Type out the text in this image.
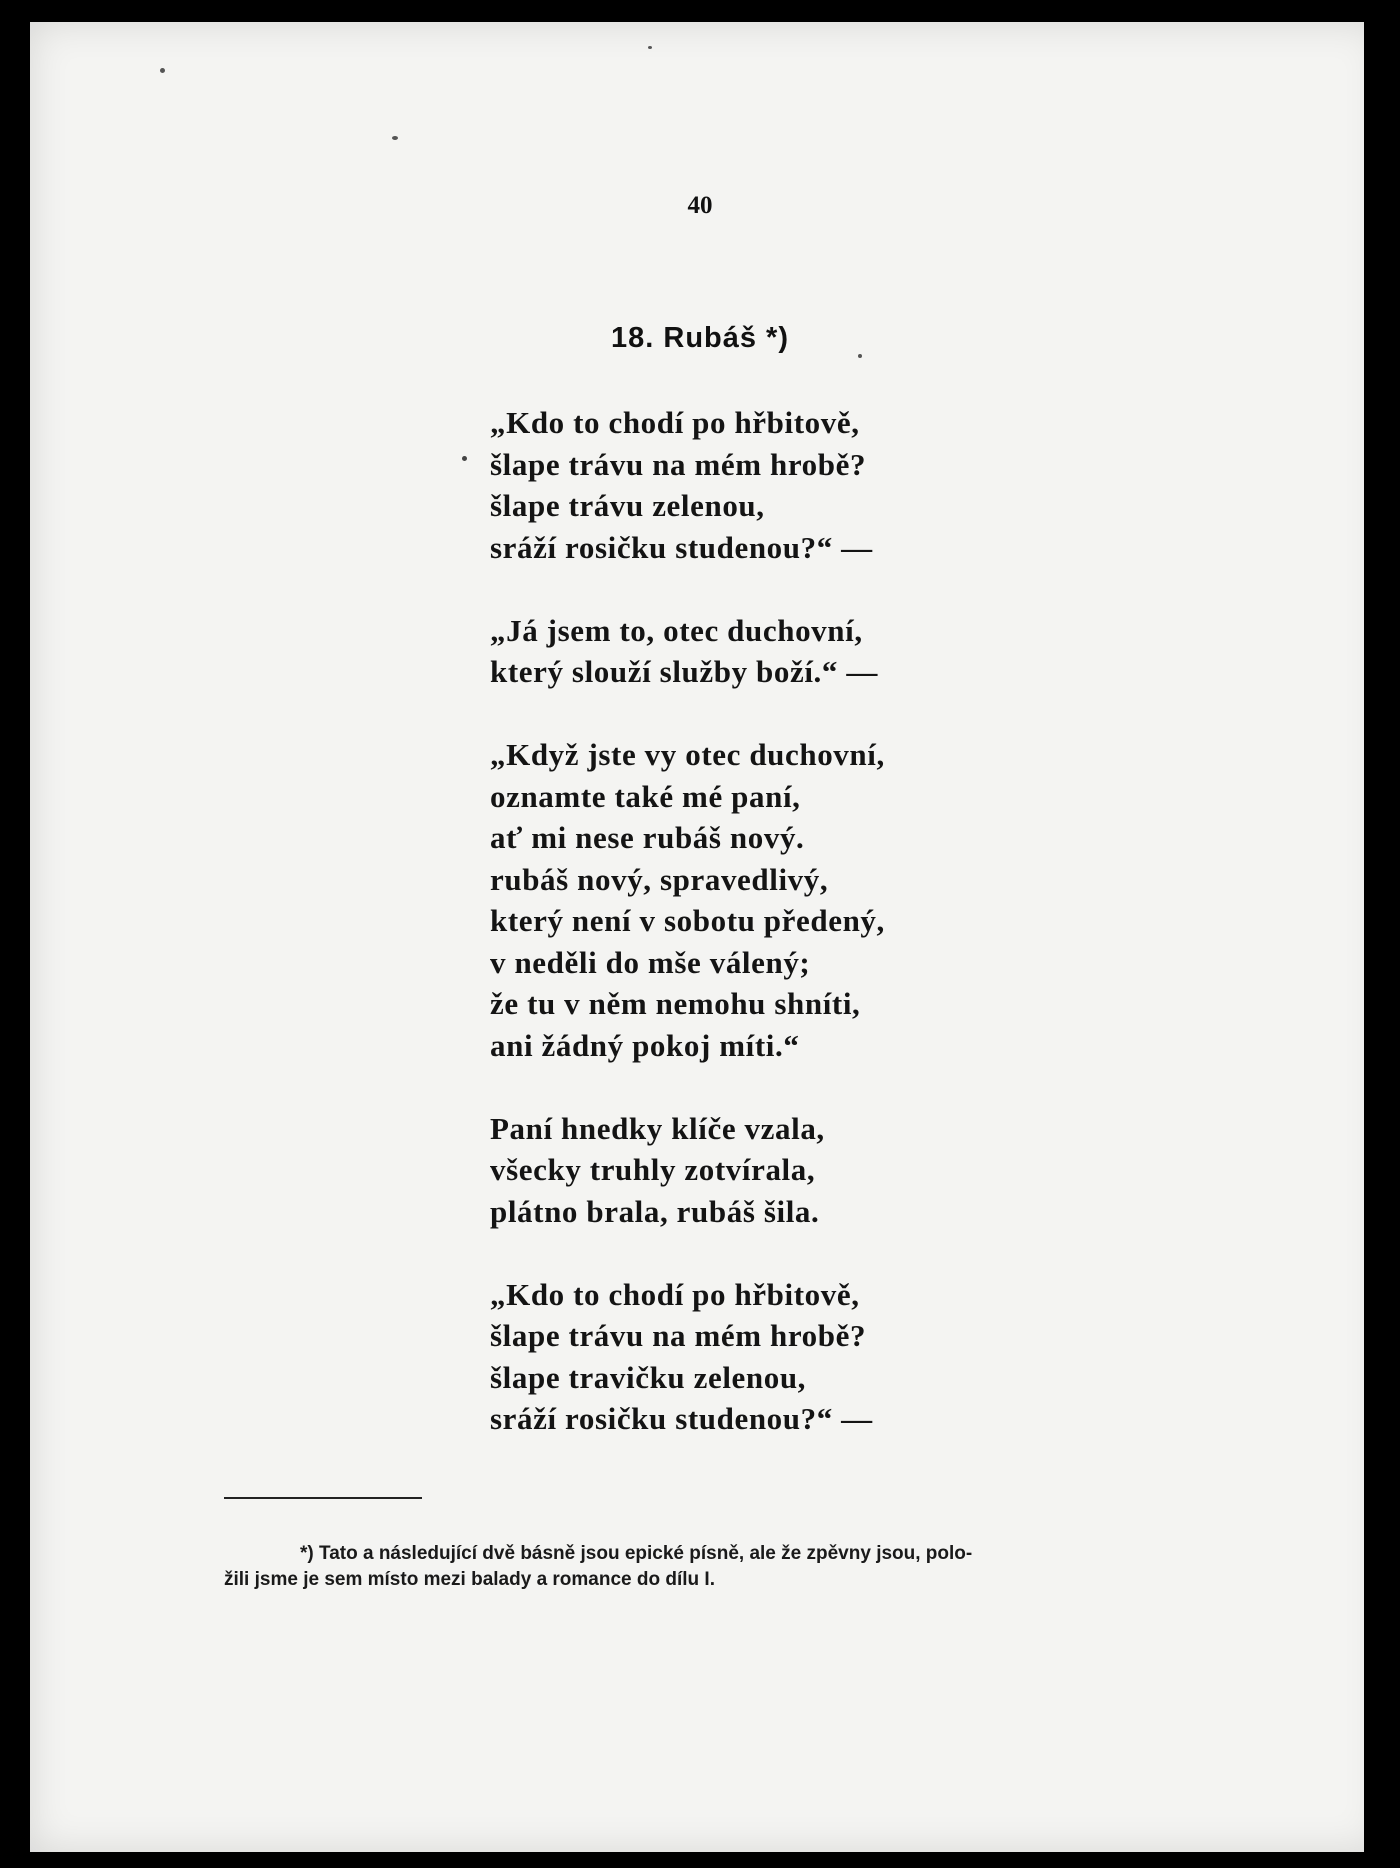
40
18. Rubáš *)
„Kdo to chodí po hřbitově,
šlape trávu na mém hrobě?
šlape trávu zelenou,
sráží rosičku studenou?“ —
„Já jsem to, otec duchovní,
který slouží služby boží.“ —
„Když jste vy otec duchovní,
oznamte také mé paní,
ať mi nese rubáš nový.
rubáš nový, spravedlivý,
který není v sobotu předený,
v neděli do mše válený;
že tu v něm nemohu shníti,
ani žádný pokoj míti.“
Paní hnedky klíče vzala,
všecky truhly zotvírala,
plátno brala, rubáš šila.
„Kdo to chodí po hřbitově,
šlape trávu na mém hrobě?
šlape travičku zelenou,
sráží rosičku studenou?“ —
*) Tato a následující dvě básně jsou epické písně, ale že zpěvny jsou, polo-
žili jsme je sem místo mezi balady a romance do dílu I.
